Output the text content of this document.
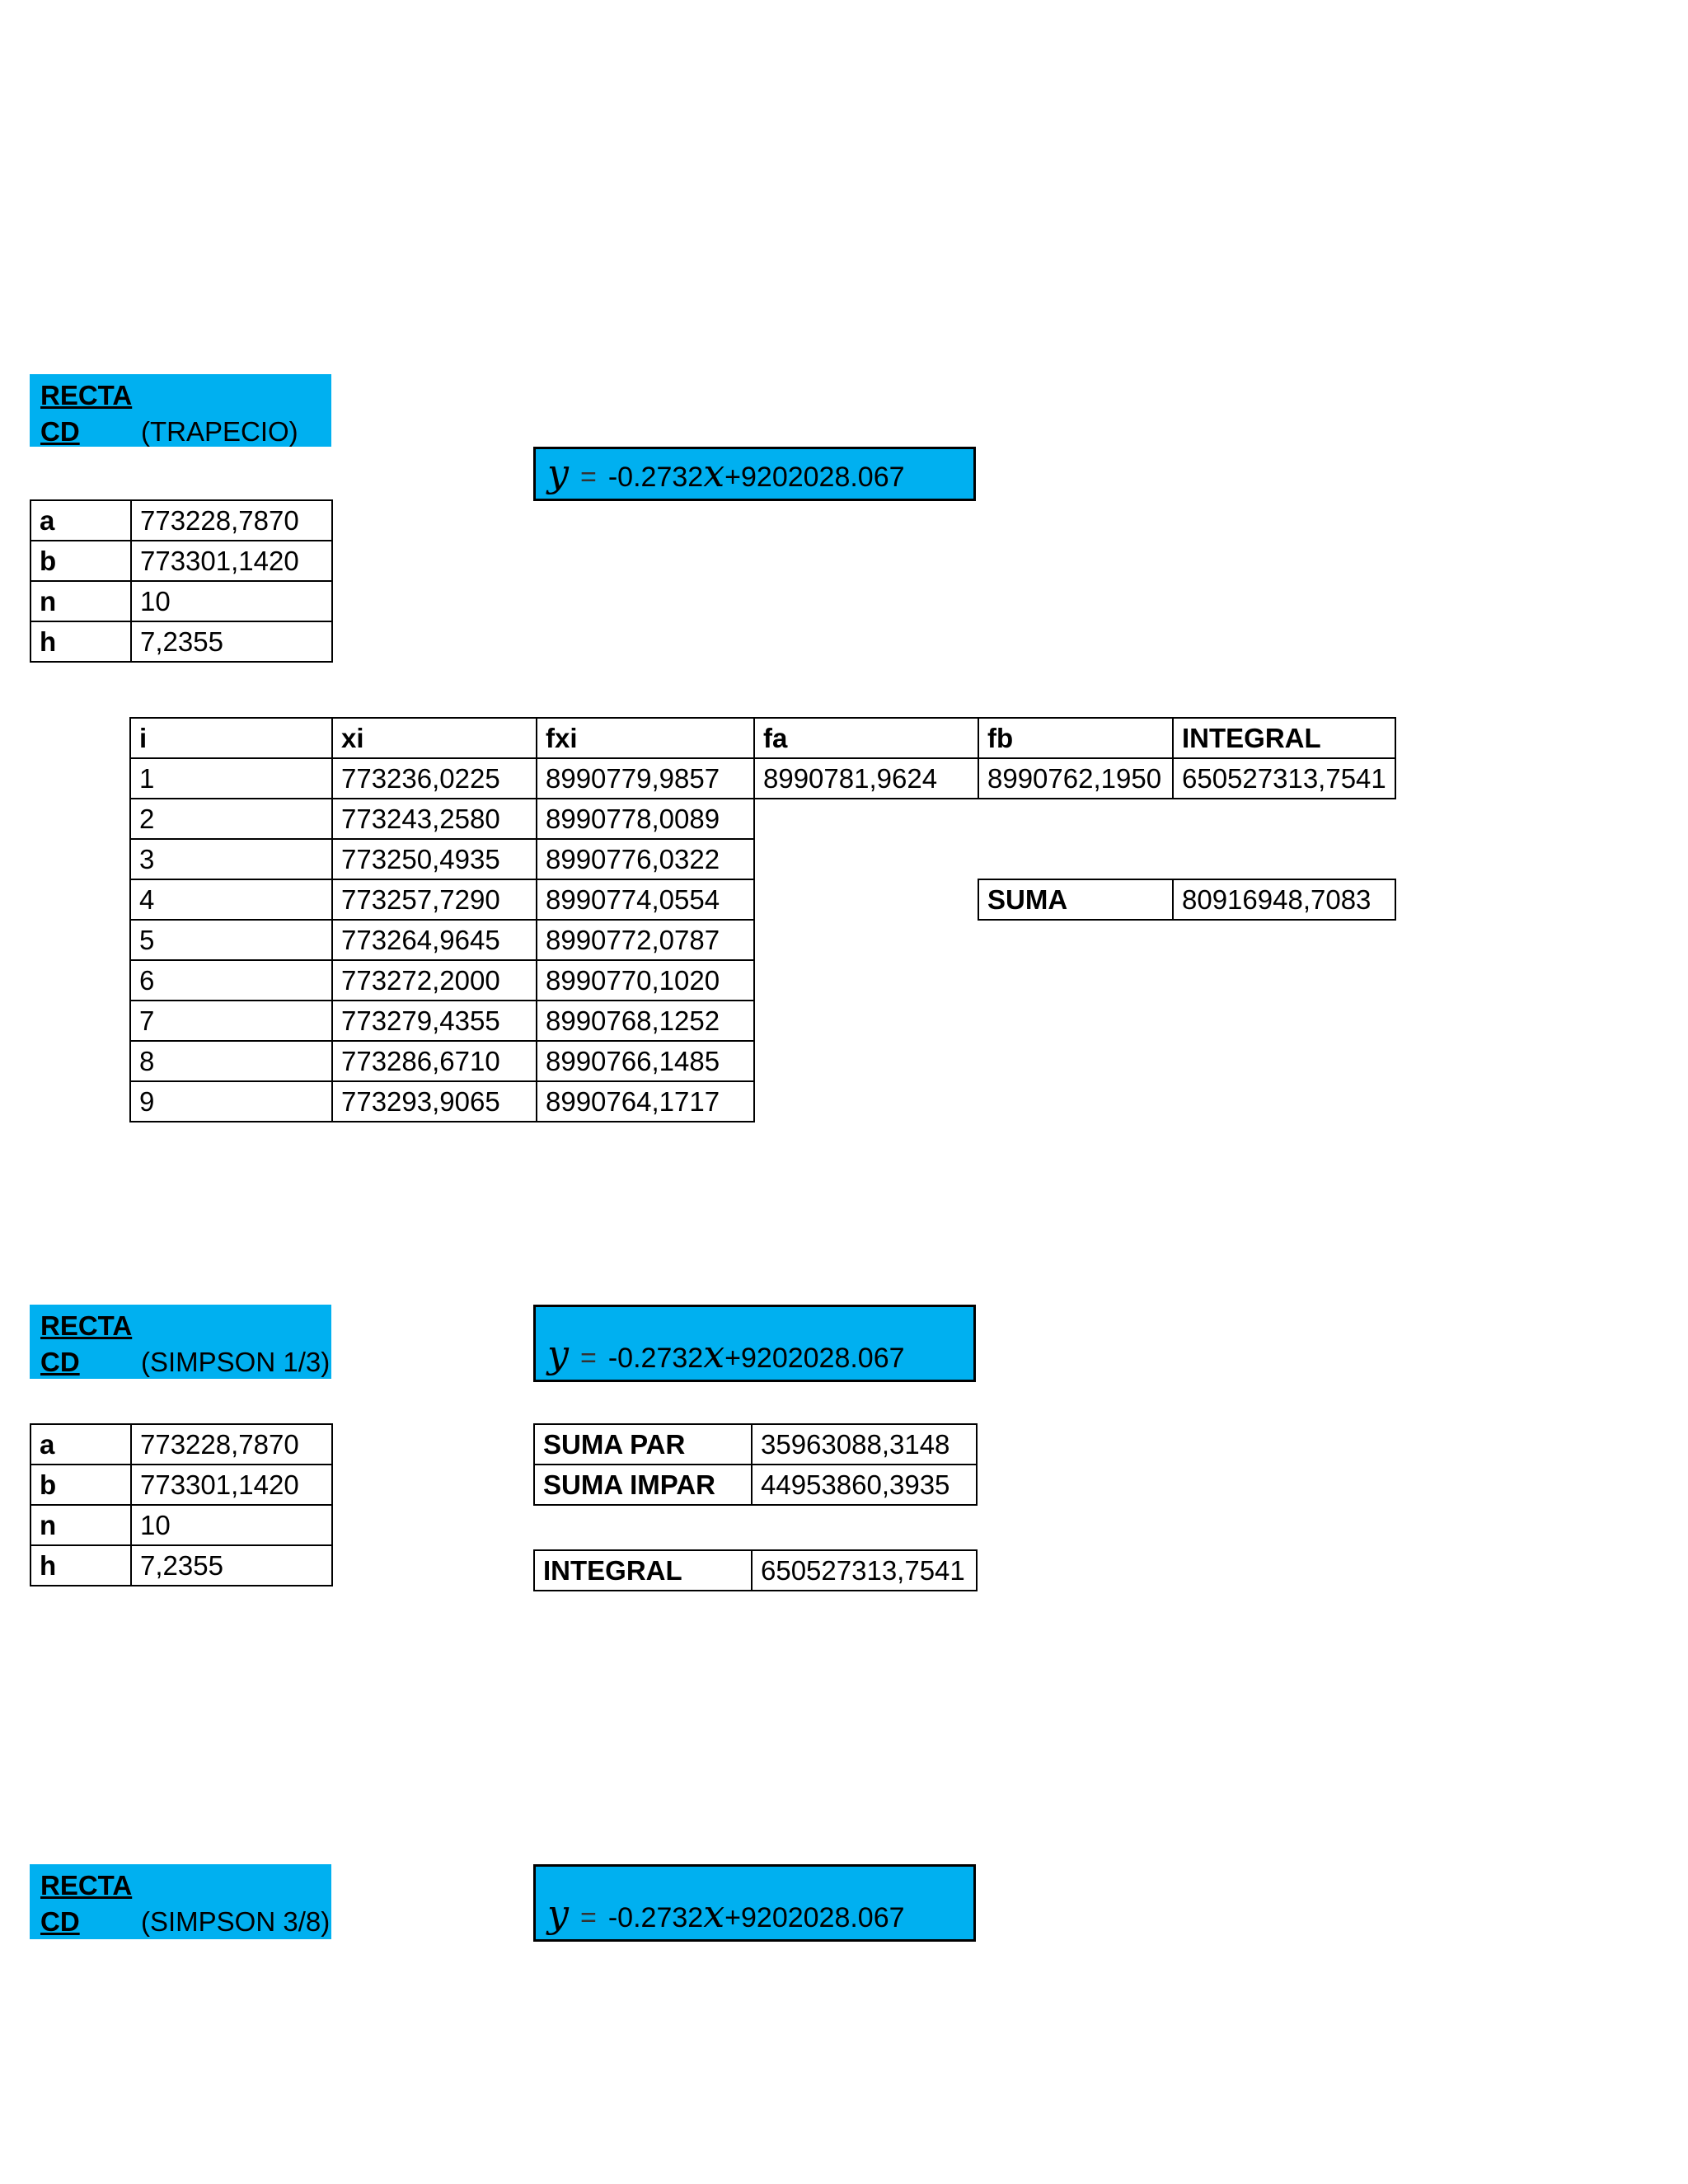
RECTA
CD (TRAPECIO)
y = -0.2732x+9202028.067
a	773228,7870
b	773301,1420
n	10
h	7,2355
i	xi	fxi	fa	fb	INTEGRAL
1	773236,0225	8990779,9857	8990781,9624	8990762,1950	650527313,7541
2	773243,2580	8990778,0089			
3	773250,4935	8990776,0322			
4	773257,7290	8990774,0554		SUMA	80916948,7083
5	773264,9645	8990772,0787			
6	773272,2000	8990770,1020			
7	773279,4355	8990768,1252			
8	773286,6710	8990766,1485			
9	773293,9065	8990764,1717			
RECTA
CD (SIMPSON 1/3)	y = -0.2732x+9202028.067
a	773228,7870
b	773301,1420
n	10
h	7,2355
SUMA PAR	35963088,3148
SUMA IMPAR	44953860,3935
INTEGRAL	650527313,7541
RECTA
CD (SIMPSON 3/8)	y = -0.2732x+9202028.067
